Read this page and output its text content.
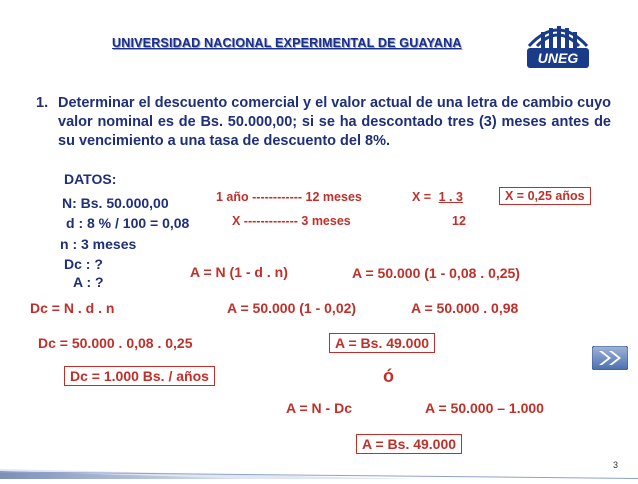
UNIVERSIDAD NACIONAL EXPERIMENTAL DE GUAYANA
UNEG
1. Determinar el descuento comercial y el valor actual de una letra de cambio cuyo valor nominal es de Bs. 50.000,00; si se ha descontado tres (3) meses antes de su vencimiento a una tasa de descuento del 8%.
DATOS:
N: Bs. 50.000,00
d : 8 % / 100 = 0,08
n : 3 meses
Dc : ?
A : ?
1 año ------------ 12 meses	X = 1 . 3
12
X ------------- 3 meses
X = 0,25 años
A = N (1 - d . n)	A = 50.000 (1 - 0,08 . 0,25)
Dc = N . d . n	A = 50.000 (1 - 0,02)	A = 50.000 . 0,98
Dc = 50.000 . 0,08 . 0,25	A = Bs. 49.000
Dc = 1.000 Bs. / años	ó
A = N - Dc	A = 50.000 – 1.000
A = Bs. 49.000
3
